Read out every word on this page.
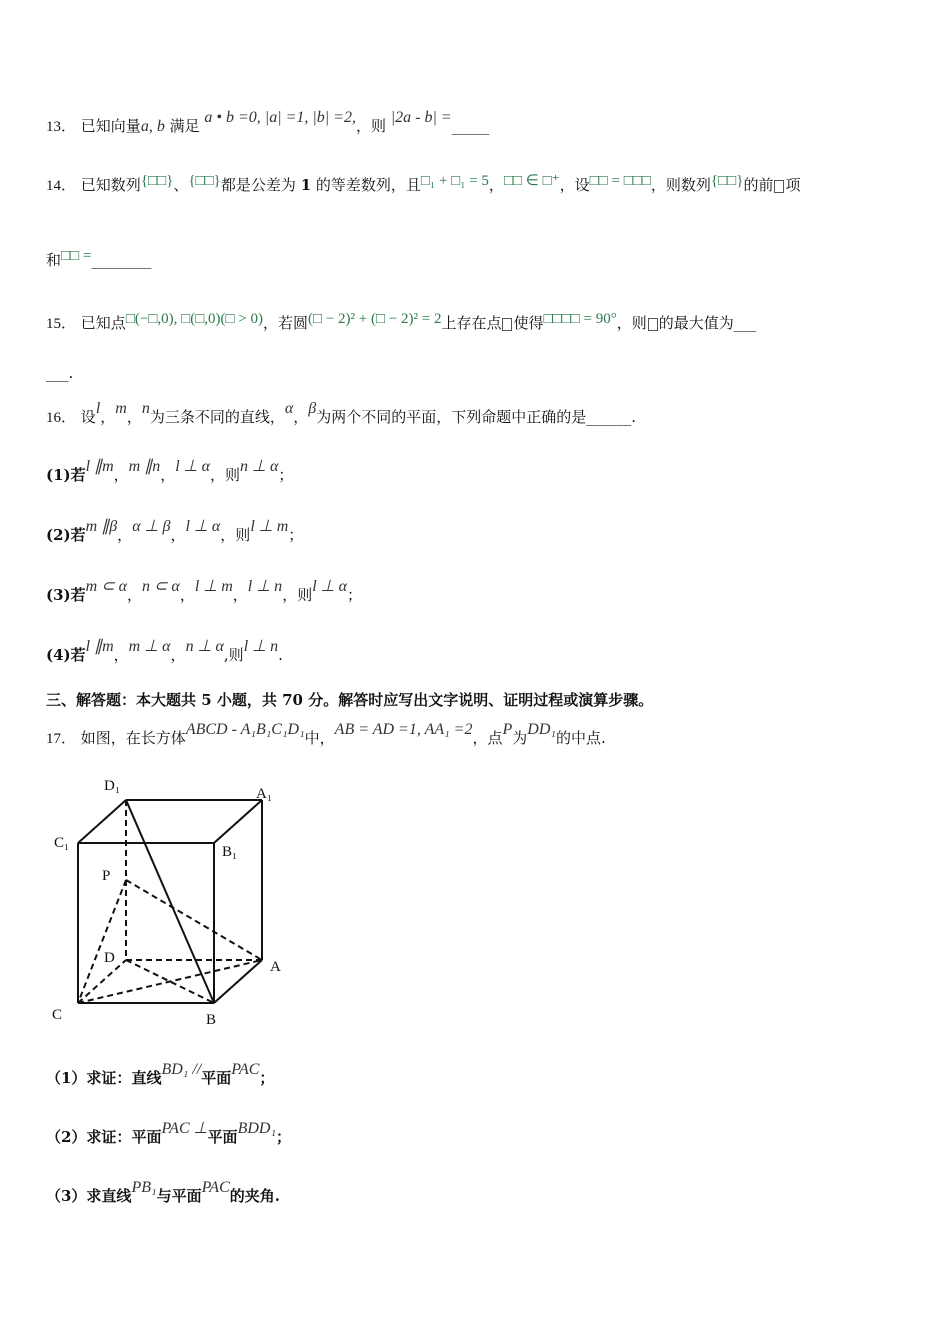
13． 已知向量a, b 满足 a • b =0, |a| =1, |b| =2,，则 |2a - b| =_____
14． 已知数列{□□}、{□□}都是公差为 1 的等差数列，且□₁ + □₁ = 5，□□ ∈ □⁺，设□□ = □□□，则数列{□□}的前 项
和□□ =________
15． 已知点□(−□,0), □(□,0)(□ > 0)，若圆(□ − 2)² + (□ − 2)² = 2上存在点 使得□□□□ = 90°，则 的最大值为___
___.
16． 设l，m，n为三条不同的直线，α，β为两个不同的平面，下列命题中正确的是______.
(1)若l ∥m，m ∥n，l ⊥ α，则n ⊥ α；
(2)若m ∥β，α ⊥ β，l ⊥ α，则l ⊥ m；
(3)若m ⊂ α，n ⊂ α，l ⊥ m，l ⊥ n，则l ⊥ α；
(4)若l ∥m，m ⊥ α，n ⊥ α,则l ⊥ n.
三、解答题：本大题共 5 小题，共 70 分。解答时应写出文字说明、证明过程或演算步骤。
17． 如图，在长方体ABCD - A₁B₁C₁D₁中，AB = AD =1, AA₁ =2，点P为DD₁的中点.
D₁	A₁
C₁
B₁
P
D
A
C	B
（1）求证：直线BD₁ //平面PAC；
（2）求证：平面PAC ⊥平面BDD₁；
（3）求直线PB₁与平面PAC的夹角.
